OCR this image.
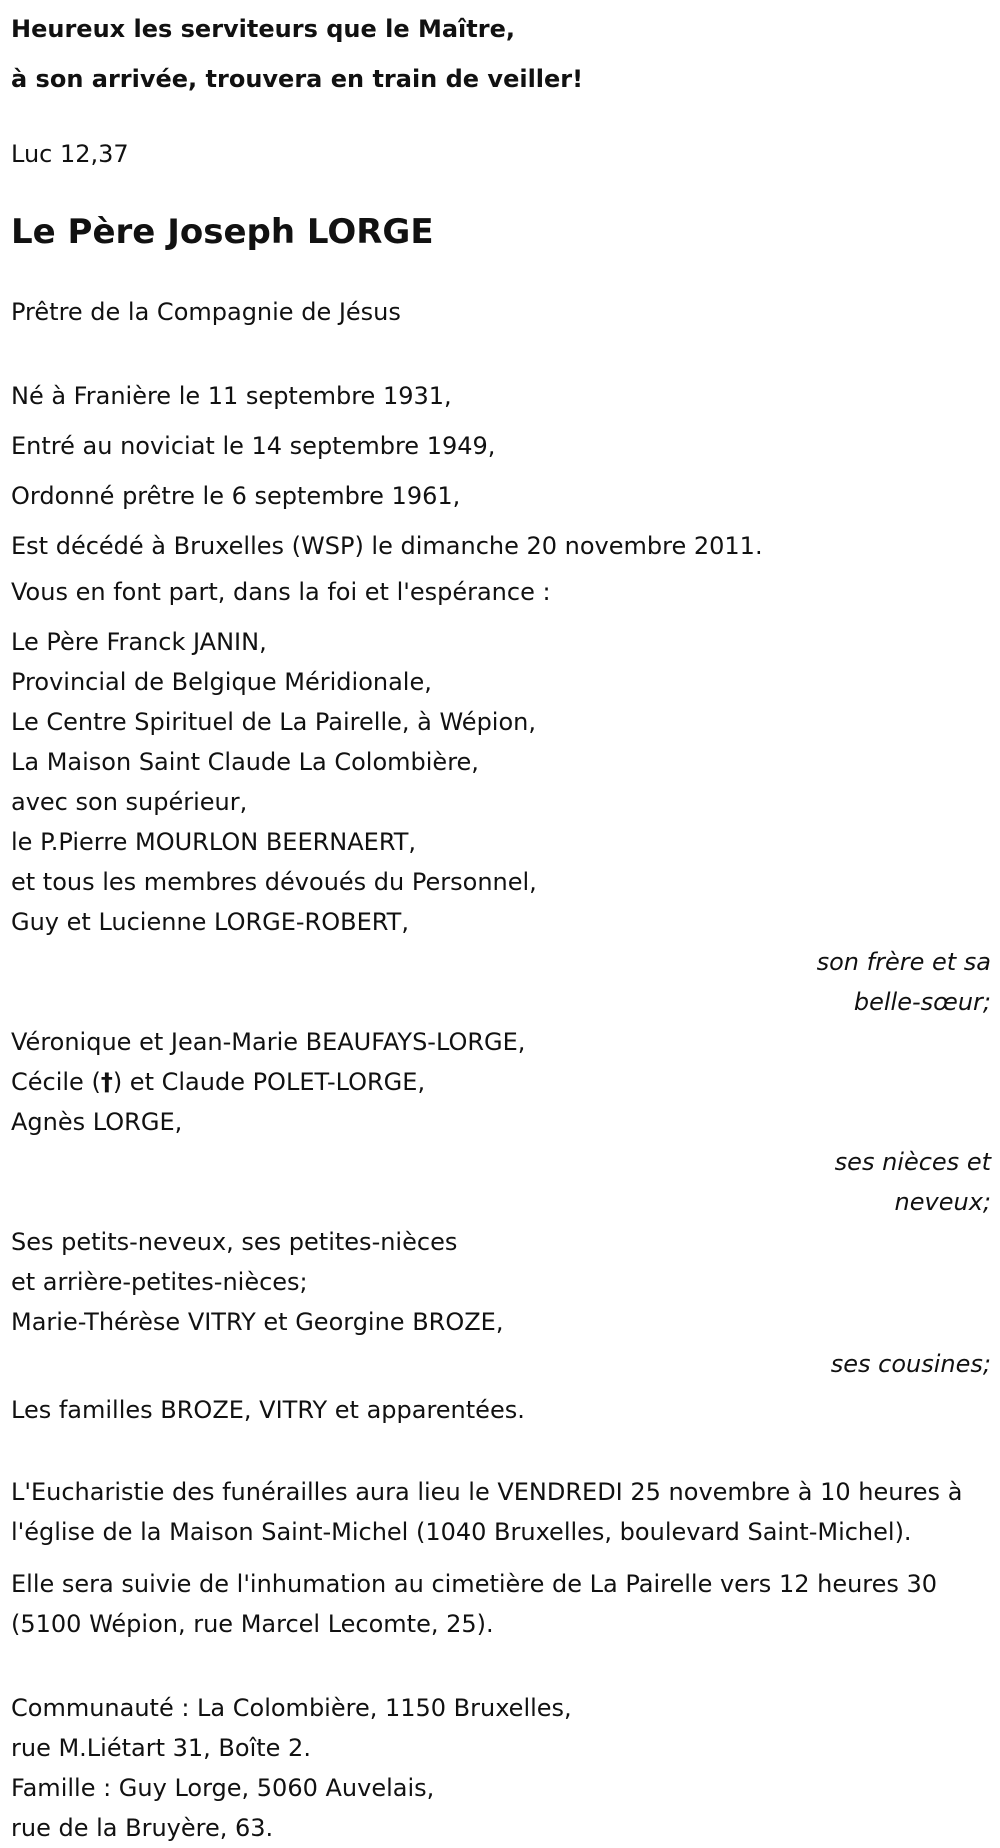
Heureux les serviteurs que le Maître,
à son arrivée, trouvera en train de veiller!
Luc 12,37
Le Père Joseph LORGE
Prêtre de la Compagnie de Jésus
Né à Franière le 11 septembre 1931,
Entré au noviciat le 14 septembre 1949,
Ordonné prêtre le 6 septembre 1961,
Est décédé à Bruxelles (WSP) le dimanche 20 novembre 2011.
Vous en font part, dans la foi et l'espérance :
Le Père Franck JANIN,
Provincial de Belgique Méridionale,
Le Centre Spirituel de La Pairelle, à Wépion,
La Maison Saint Claude La Colombière,
avec son supérieur,
le P.Pierre MOURLON BEERNAERT,
et tous les membres dévoués du Personnel,
Guy et Lucienne LORGE-ROBERT,
son frère et sa
belle-sœur;
Véronique et Jean-Marie BEAUFAYS-LORGE,
Cécile (†) et Claude POLET-LORGE,
Agnès LORGE,
ses nièces et
neveux;
Ses petits-neveux, ses petites-nièces
et arrière-petites-nièces;
Marie-Thérèse VITRY et Georgine BROZE,
ses cousines;
Les familles BROZE, VITRY et apparentées.
L'Eucharistie des funérailles aura lieu le VENDREDI 25 novembre à 10 heures à l'église de la Maison Saint-Michel (1040 Bruxelles, boulevard Saint-Michel).
Elle sera suivie de l'inhumation au cimetière de La Pairelle vers 12 heures 30 (5100 Wépion, rue Marcel Lecomte, 25).
Communauté : La Colombière, 1150 Bruxelles,
rue M.Liétart 31, Boîte 2.
Famille : Guy Lorge, 5060 Auvelais,
rue de la Bruyère, 63.
